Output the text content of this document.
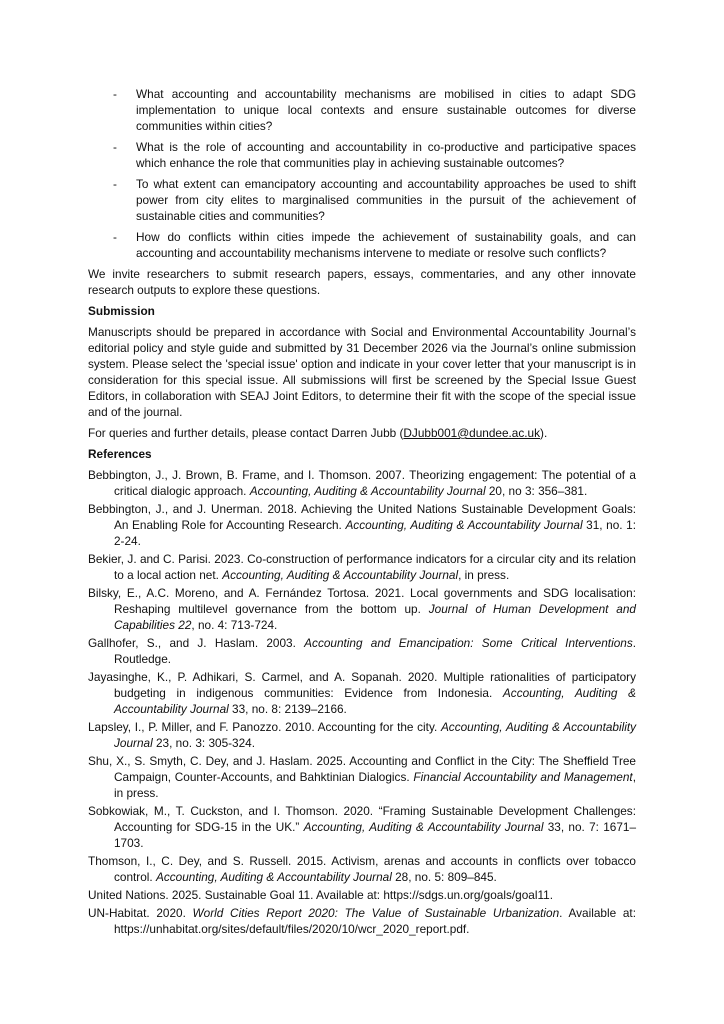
- What accounting and accountability mechanisms are mobilised in cities to adapt SDG implementation to unique local contexts and ensure sustainable outcomes for diverse communities within cities?
- What is the role of accounting and accountability in co-productive and participative spaces which enhance the role that communities play in achieving sustainable outcomes?
- To what extent can emancipatory accounting and accountability approaches be used to shift power from city elites to marginalised communities in the pursuit of the achievement of sustainable cities and communities?
- How do conflicts within cities impede the achievement of sustainability goals, and can accounting and accountability mechanisms intervene to mediate or resolve such conflicts?

We invite researchers to submit research papers, essays, commentaries, and any other innovate research outputs to explore these questions.

Submission

Manuscripts should be prepared in accordance with Social and Environmental Accountability Journal’s editorial policy and style guide and submitted by 31 December 2026 via the Journal’s online submission system. Please select the 'special issue' option and indicate in your cover letter that your manuscript is in consideration for this special issue. All submissions will first be screened by the Special Issue Guest Editors, in collaboration with SEAJ Joint Editors, to determine their fit with the scope of the special issue and of the journal.

For queries and further details, please contact Darren Jubb (DJubb001@dundee.ac.uk).

References
Bebbington, J., J. Brown, B. Frame, and I. Thomson. 2007. Theorizing engagement: The potential of a critical dialogic approach. Accounting, Auditing & Accountability Journal 20, no 3: 356–381.
Bebbington, J., and J. Unerman. 2018. Achieving the United Nations Sustainable Development Goals: An Enabling Role for Accounting Research. Accounting, Auditing & Accountability Journal 31, no. 1: 2-24.
Bekier, J. and C. Parisi. 2023. Co-construction of performance indicators for a circular city and its relation to a local action net. Accounting, Auditing & Accountability Journal, in press.
Bilsky, E., A.C. Moreno, and A. Fernández Tortosa. 2021. Local governments and SDG localisation: Reshaping multilevel governance from the bottom up. Journal of Human Development and Capabilities 22, no. 4: 713-724.
Gallhofer, S., and J. Haslam. 2003. Accounting and Emancipation: Some Critical Interventions. Routledge.
Jayasinghe, K., P. Adhikari, S. Carmel, and A. Sopanah. 2020. Multiple rationalities of participatory budgeting in indigenous communities: Evidence from Indonesia. Accounting, Auditing & Accountability Journal 33, no. 8: 2139–2166.
Lapsley, I., P. Miller, and F. Panozzo. 2010. Accounting for the city. Accounting, Auditing & Accountability Journal 23, no. 3: 305-324.
Shu, X., S. Smyth, C. Dey, and J. Haslam. 2025. Accounting and Conflict in the City: The Sheffield Tree Campaign, Counter-Accounts, and Bahktinian Dialogics. Financial Accountability and Management, in press.
Sobkowiak, M., T. Cuckston, and I. Thomson. 2020. “Framing Sustainable Development Challenges: Accounting for SDG-15 in the UK.” Accounting, Auditing & Accountability Journal 33, no. 7: 1671–1703.
Thomson, I., C. Dey, and S. Russell. 2015. Activism, arenas and accounts in conflicts over tobacco control. Accounting, Auditing & Accountability Journal 28, no. 5: 809–845.
United Nations. 2025. Sustainable Goal 11. Available at: https://sdgs.un.org/goals/goal11.
UN-Habitat. 2020. World Cities Report 2020: The Value of Sustainable Urbanization. Available at: https://unhabitat.org/sites/default/files/2020/10/wcr_2020_report.pdf.
